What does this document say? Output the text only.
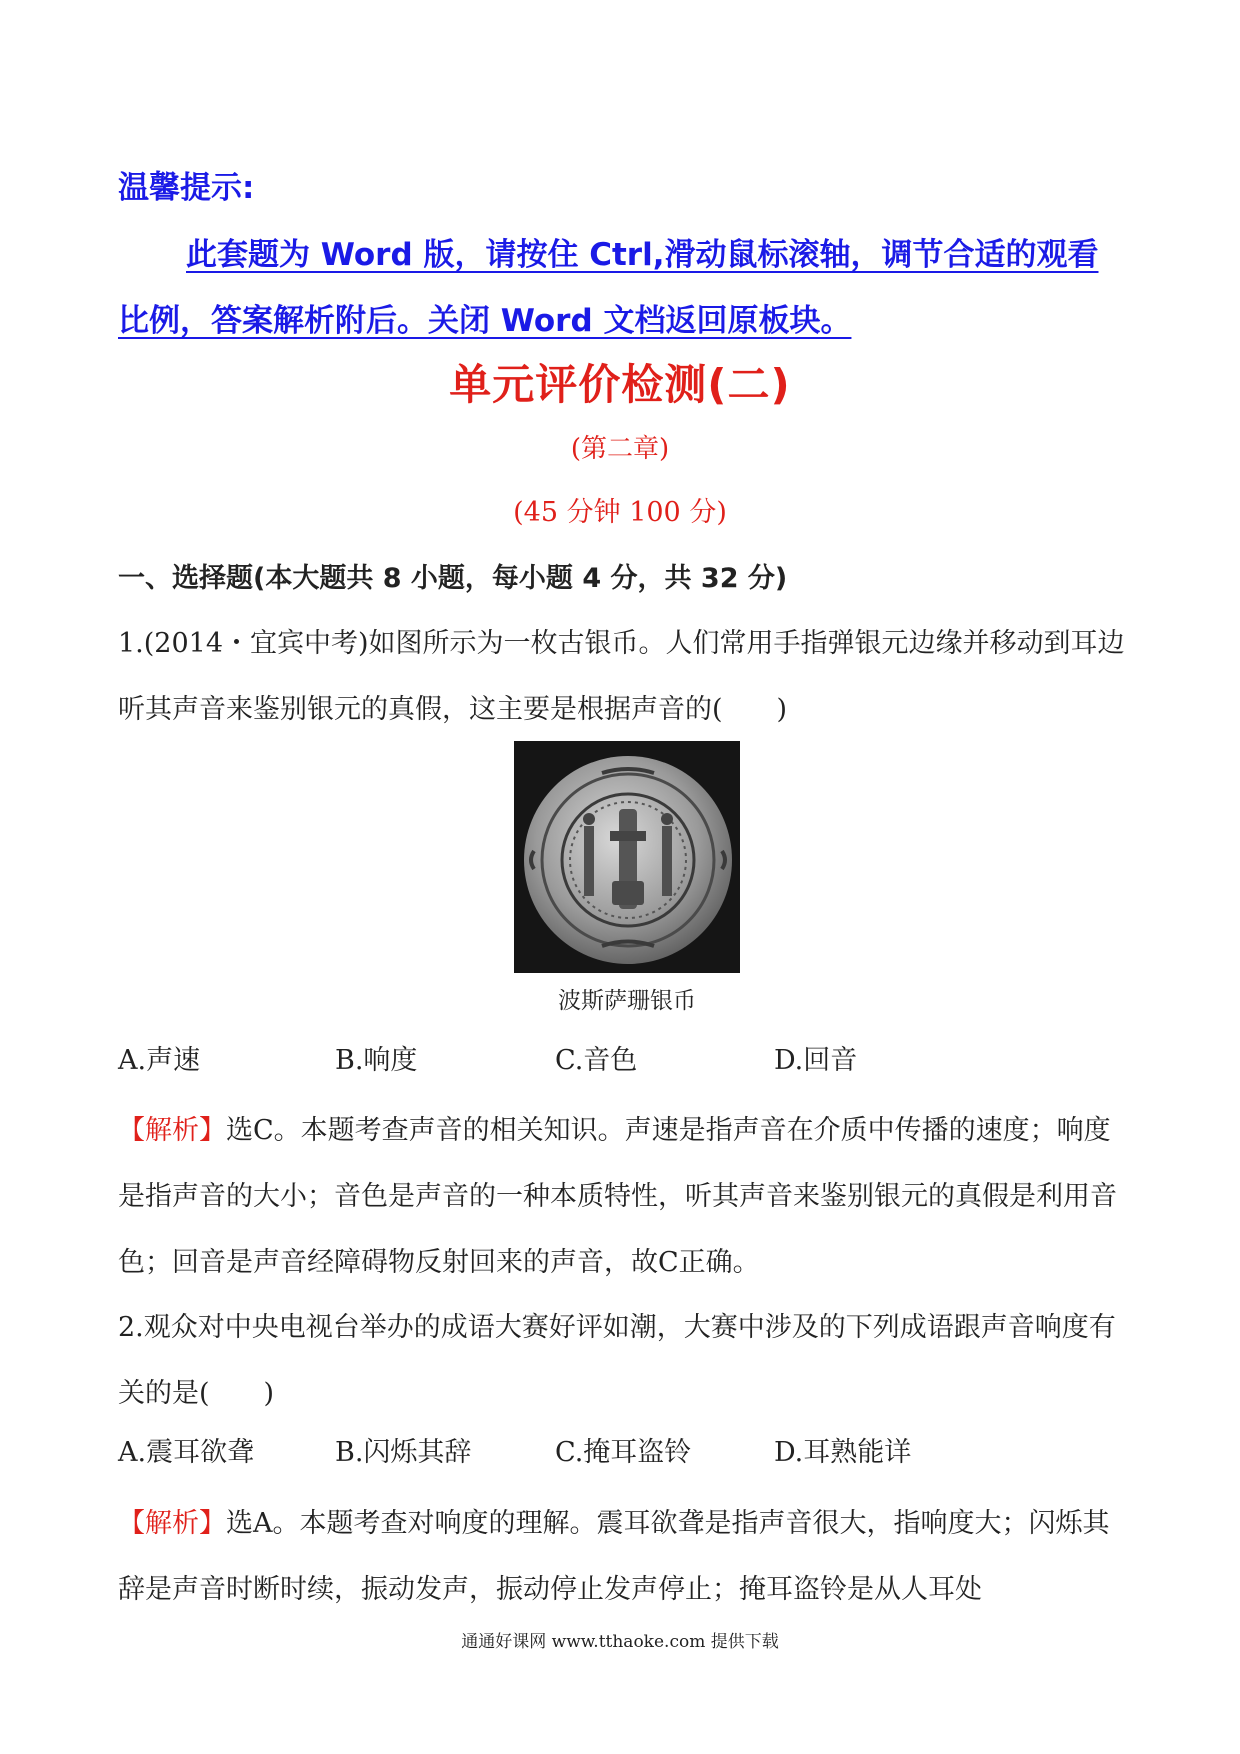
温馨提示:
此套题为 Word 版，请按住 Ctrl,滑动鼠标滚轴，调节合适的观看比例，答案解析附后。关闭 Word 文档返回原板块。
单元评价检测(二)
(第二章)
(45 分钟 100 分)
一、选择题(本大题共 8 小题，每小题 4 分，共 32 分)
1.(2014・宜宾中考)如图所示为一枚古银币。人们常用手指弹银元边缘并移动到耳边听其声音来鉴别银元的真假，这主要是根据声音的(　　)
波斯萨珊银币
A.声速	B.响度	C.音色	D.回音
【解析】选C。本题考查声音的相关知识。声速是指声音在介质中传播的速度；响度是指声音的大小；音色是声音的一种本质特性，听其声音来鉴别银元的真假是利用音色；回音是声音经障碍物反射回来的声音，故C正确。
2.观众对中央电视台举办的成语大赛好评如潮，大赛中涉及的下列成语跟声音响度有关的是(　　)
A.震耳欲聋	B.闪烁其辞	C.掩耳盗铃	D.耳熟能详
【解析】选A。本题考查对响度的理解。震耳欲聋是指声音很大，指响度大；闪烁其辞是声音时断时续，振动发声，振动停止发声停止；掩耳盗铃是从人耳处
通通好课网 www.tthaoke.com 提供下载
